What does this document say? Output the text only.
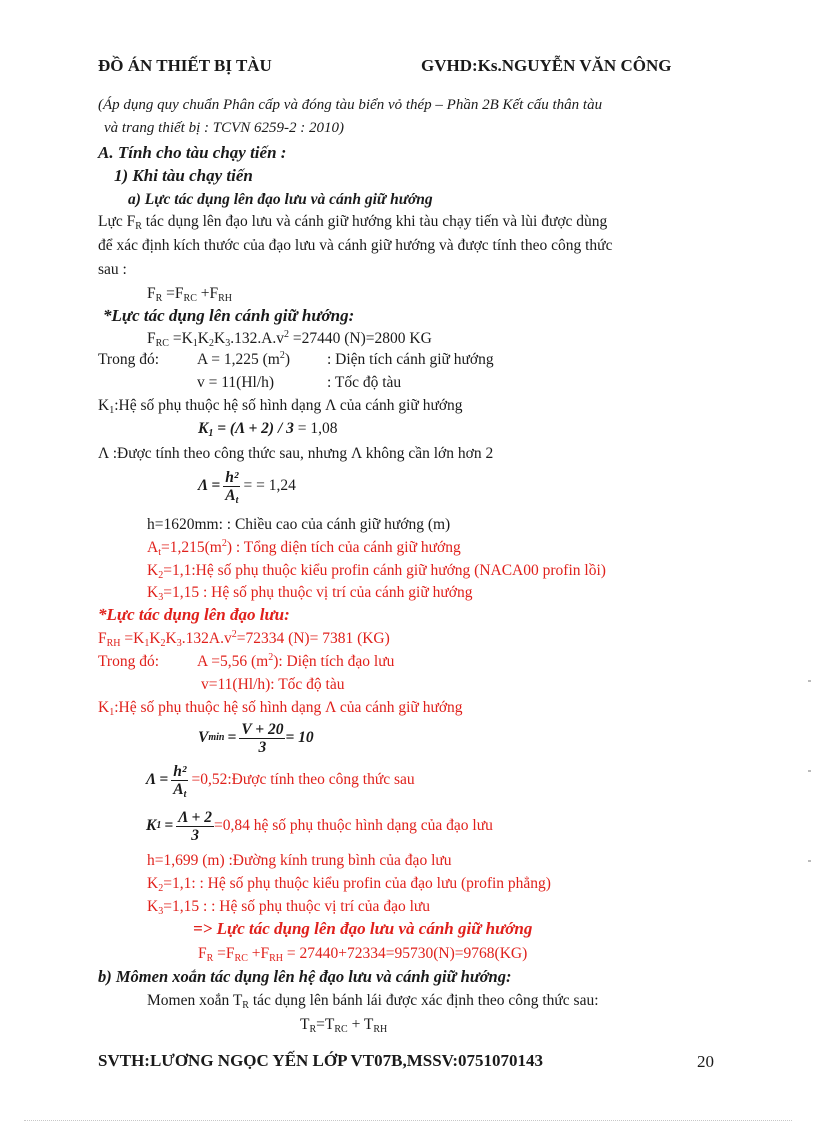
ĐỒ ÁN THIẾT BỊ TÀU	GVHD:Ks.NGUYỄN VĂN CÔNG
(Áp dụng quy chuẩn Phân cấp và đóng tàu biển vỏ thép – Phần 2B Kết cấu thân tàu
và trang thiết bị : TCVN 6259-2 : 2010)
A. Tính cho tàu chạy tiến :
1) Khi tàu chạy tiến
a) Lực tác dụng lên đạo lưu và cánh giữ hướng
Lực $F_R$ tác dụng lên đạo lưu và cánh giữ hướng khi tàu chạy tiến và lùi được dùng
để xác định kích thước của đạo lưu và cánh giữ hướng và được tính theo công thức
sau :
$F_R =F_{RC} +F_{RH}$
*Lực tác dụng lên cánh giữ hướng:
$F_{RC} =K_1K_2K_3.132.A.v^2 =27440$ (N)=2800 KG
Trong đó: A = 1,225 $(m^2)$ : Diện tích cánh giữ hướng
v = 11(Hl/h)	: Tốc độ tàu
$K_1:Hệ$ số phụ thuộc hệ số hình dạng Λ của cánh giữ hướng
$K_1 = (\Lambda + 2) / 3 = 1,08$
Λ :Được tính theo công thức sau, nhưng Λ không cần lớn hơn 2
$\Lambda = \frac{\text{h²}}{A_t}$ = = 1,24
h=1620mm: : Chiều cao của cánh giữ hướng (m)
$A_t=1,215(m^2)$ : Tổng diện tích của cánh giữ hướng
$K_2=1,1:Hệ$ số phụ thuộc kiểu profin cánh giữ hướng (NACA00 profin lồi)
$K_3=1,15$ : Hệ số phụ thuộc vị trí của cánh giữ hướng
*Lực tác dụng lên đạo lưu:
$F_{RH} =K_1K_2K_3.132A.v^2=72334$ (N)= 7381 (KG)
Trong đó: A =5,56 $(m^2)$: Diện tích đạo lưu
v=11(Hl/h): Tốc độ tàu
$K_1:Hệ$ số phụ thuộc hệ số hình dạng Λ của cánh giữ hướng
V $\min = \frac{V + 20}{3} = 10$
$\Lambda = \frac{\text{h²}}{A_t}$ =0,52:Được tính theo công thức sau
K $1 = \frac{\Lambda + 2}{3} =0,84$ hệ số phụ thuộc hình dạng của đạo lưu
h=1,699 (m) :Đường kính trung bình của đạo lưu
$K_2=1,1$: : Hệ số phụ thuộc kiểu profin của đạo lưu (profin phẳng)
$K_3=1,15$ : : Hệ số phụ thuộc vị trí của đạo lưu
=> Lực tác dụng lên đạo lưu và cánh giữ hướng
$F_R =F_{RC} +F_{RH} = 27440+72334=95730(N)=9768(KG)$
b) Mômen xoắn tác dụng lên hệ đạo lưu và cánh giữ hướng:
Momen xoắn $T_R$ tác dụng lên bánh lái được xác định theo công thức sau:
$T_R=T_{RC} + T_{RH}$
SVTH:LƯƠNG NGỌC YẾN LỚP VT07B,MSSV:0751070143	20
